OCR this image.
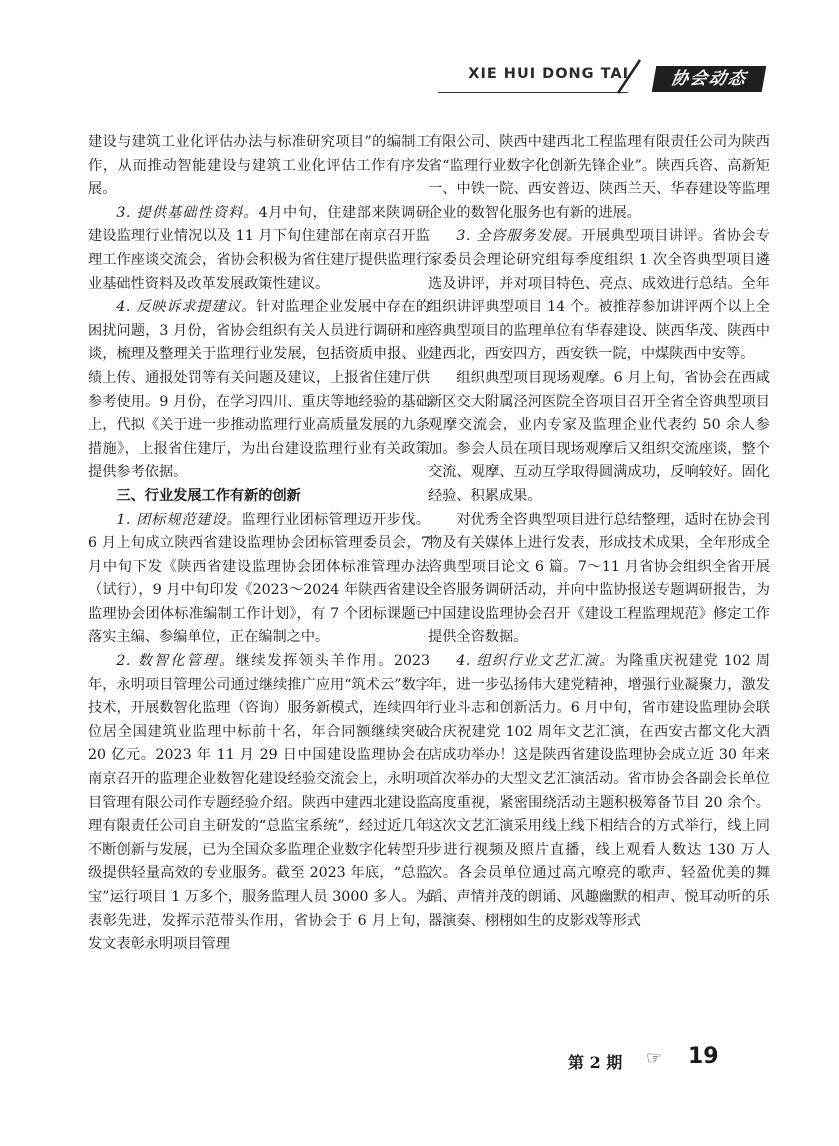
XIE HUI DONG TAI	协会动态

建设与建筑工业化评估办法与标准研究项目”的编制工作，从而推动智能建设与建筑工业化评估工作有序发展。

3. 提供基础性资料。4月中旬，住建部来陕调研建设监理行业情况以及 11 月下旬住建部在南京召开监理工作座谈交流会，省协会积极为省住建厅提供监理行业基础性资料及改革发展政策性建议。

4. 反映诉求提建议。针对监理企业发展中存在的困扰问题，3 月份，省协会组织有关人员进行调研和座谈，梳理及整理关于监理行业发展，包括资质申报、业绩上传、通报处罚等有关问题及建议，上报省住建厅供参考使用。9 月份，在学习四川、重庆等地经验的基础上，代拟《关于进一步推动监理行业高质量发展的九条措施》，上报省住建厅，为出台建设监理行业有关政策提供参考依据。

三、行业发展工作有新的创新

1. 团标规范建设。监理行业团标管理迈开步伐。6 月上旬成立陕西省建设监理协会团标管理委员会，7 月中旬下发《陕西省建设监理协会团体标准管理办法（试行），9 月中旬印发《2023～2024 年陕西省建设监理协会团体标准编制工作计划》，有 7 个团标课题已落实主编、参编单位，正在编制之中。

2. 数智化管理。继续发挥领头羊作用。2023 年，永明项目管理公司通过继续推广应用“筑术云”数字技术，开展数智化监理（咨询）服务新模式，连续四年位居全国建筑业监理中标前十名，年合同额继续突破 20 亿元。2023 年 11 月 29 日中国建设监理协会在南京召开的监理企业数智化建设经验交流会上，永明项目管理有限公司作专题经验介绍。陕西中建西北建设监理有限责任公司自主研发的“总监宝系统”，经过近几年不断创新与发展，已为全国众多监理企业数字化转型升级提供轻量高效的专业服务。截至 2023 年底，“总监宝”运行项目 1 万多个，服务监理人员 3000 多人。为表彰先进，发挥示范带头作用，省协会于 6 月上旬，发文表彰永明项目管理

有限公司、陕西中建西北工程监理有限责任公司为陕西省“监理行业数字化创新先锋企业”。陕西兵咨、高新矩一、中铁一院、西安普迈、陕西兰天、华春建设等监理企业的数智化服务也有新的进展。

3. 全咨服务发展。开展典型项目讲评。省协会专家委员会理论研究组每季度组织 1 次全咨典型项目遴选及讲评，并对项目特色、亮点、成效进行总结。全年组织讲评典型项目 14 个。被推荐参加讲评两个以上全咨典型项目的监理单位有华春建设、陕西华茂、陕西中建西北，西安四方，西安铁一院，中煤陕西中安等。

组织典型项目现场观摩。6 月上旬，省协会在西咸新区交大附属泾河医院全咨项目召开全省全咨典型项目观摩交流会，业内专家及监理企业代表约 50 余人参加。参会人员在项目现场观摩后又组织交流座谈，整个交流、观摩、互动互学取得圆满成功，反响较好。固化经验、积累成果。

对优秀全咨典型项目进行总结整理，适时在协会刊物及有关媒体上进行发表，形成技术成果，全年形成全咨典型项目论文 6 篇。7～11 月省协会组织全省开展全咨服务调研活动，并向中监协报送专题调研报告，为中国建设监理协会召开《建设工程监理规范》修定工作提供全咨数据。

4. 组织行业文艺汇演。为隆重庆祝建党 102 周年，进一步弘扬伟大建党精神，增强行业凝聚力，激发行业斗志和创新活力。6 月中旬，省市建设监理协会联合庆祝建党 102 周年文艺汇演，在西安古都文化大酒店成功举办！这是陕西省建设监理协会成立近 30 年来首次举办的大型文艺汇演活动。省市协会各副会长单位高度重视，紧密围绕活动主题积极筹备节目 20 余个。这次文艺汇演采用线上线下相结合的方式举行，线上同步进行视频及照片直播，线上观看人数达 130 万人次。各会员单位通过高亢嘹亮的歌声、轻盈优美的舞蹈、声情并茂的朗诵、风趣幽默的相声、悦耳动听的乐器演奏、栩栩如生的皮影戏等形式

第 2 期 ☞ 19
